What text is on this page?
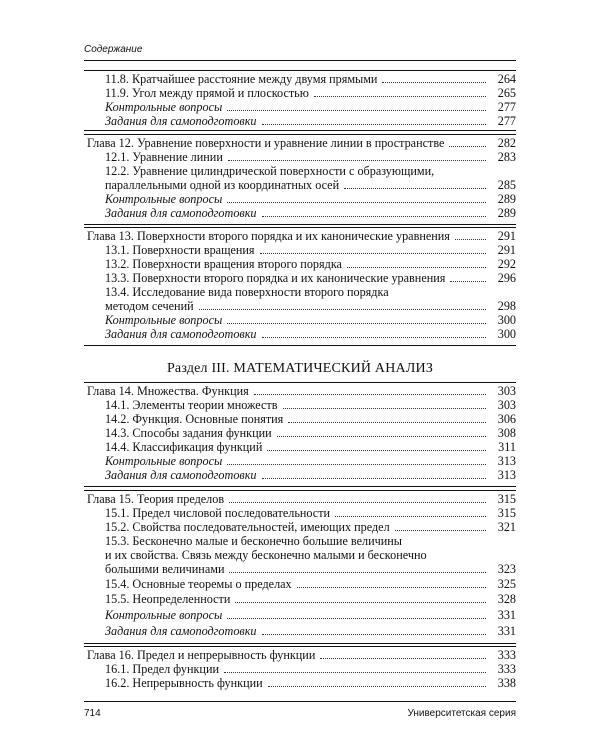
Содержание
11.8. Кратчайшее расстояние между двумя прямыми	264
11.9. Угол между прямой и плоскостью	265
Контрольные вопросы	277
Задания для самоподготовки	277
Глава 12. Уравнение поверхности и уравнение линии в пространстве	282
12.1. Уравнение линии	283
12.2. Уравнение цилиндрической поверхности с образующими,
параллельными одной из координатных осей	285
Контрольные вопросы	289
Задания для самоподготовки	289
Глава 13. Поверхности второго порядка и их канонические уравнения	291
13.1. Поверхности вращения	291
13.2. Поверхности вращения второго порядка	292
13.3. Поверхности второго порядка и их канонические уравнения	296
13.4. Исследование вида поверхности второго порядка
методом сечений	298
Контрольные вопросы	300
Задания для самоподготовки	300
Раздел III. МАТЕМАТИЧЕСКИЙ АНАЛИЗ
Глава 14. Множества. Функция	303
14.1. Элементы теории множеств	303
14.2. Функция. Основные понятия	306
14.3. Способы задания функции	308
14.4. Классификация функций	311
Контрольные вопросы	313
Задания для самоподготовки	313
Глава 15. Теория пределов	315
15.1. Предел числовой последовательности	315
15.2. Свойства последовательностей, имеющих предел	321
15.3. Бесконечно малые и бесконечно большие величины
и их свойства. Связь между бесконечно малыми и бесконечно
большими величинами	323
15.4. Основные теоремы о пределах	325
15.5. Неопределенности	328
Контрольные вопросы	331
Задания для самоподготовки	331
Глава 16. Предел и непрерывность функции	333
16.1. Предел функции	333
16.2. Непрерывность функции	338
714	Университетская серия
